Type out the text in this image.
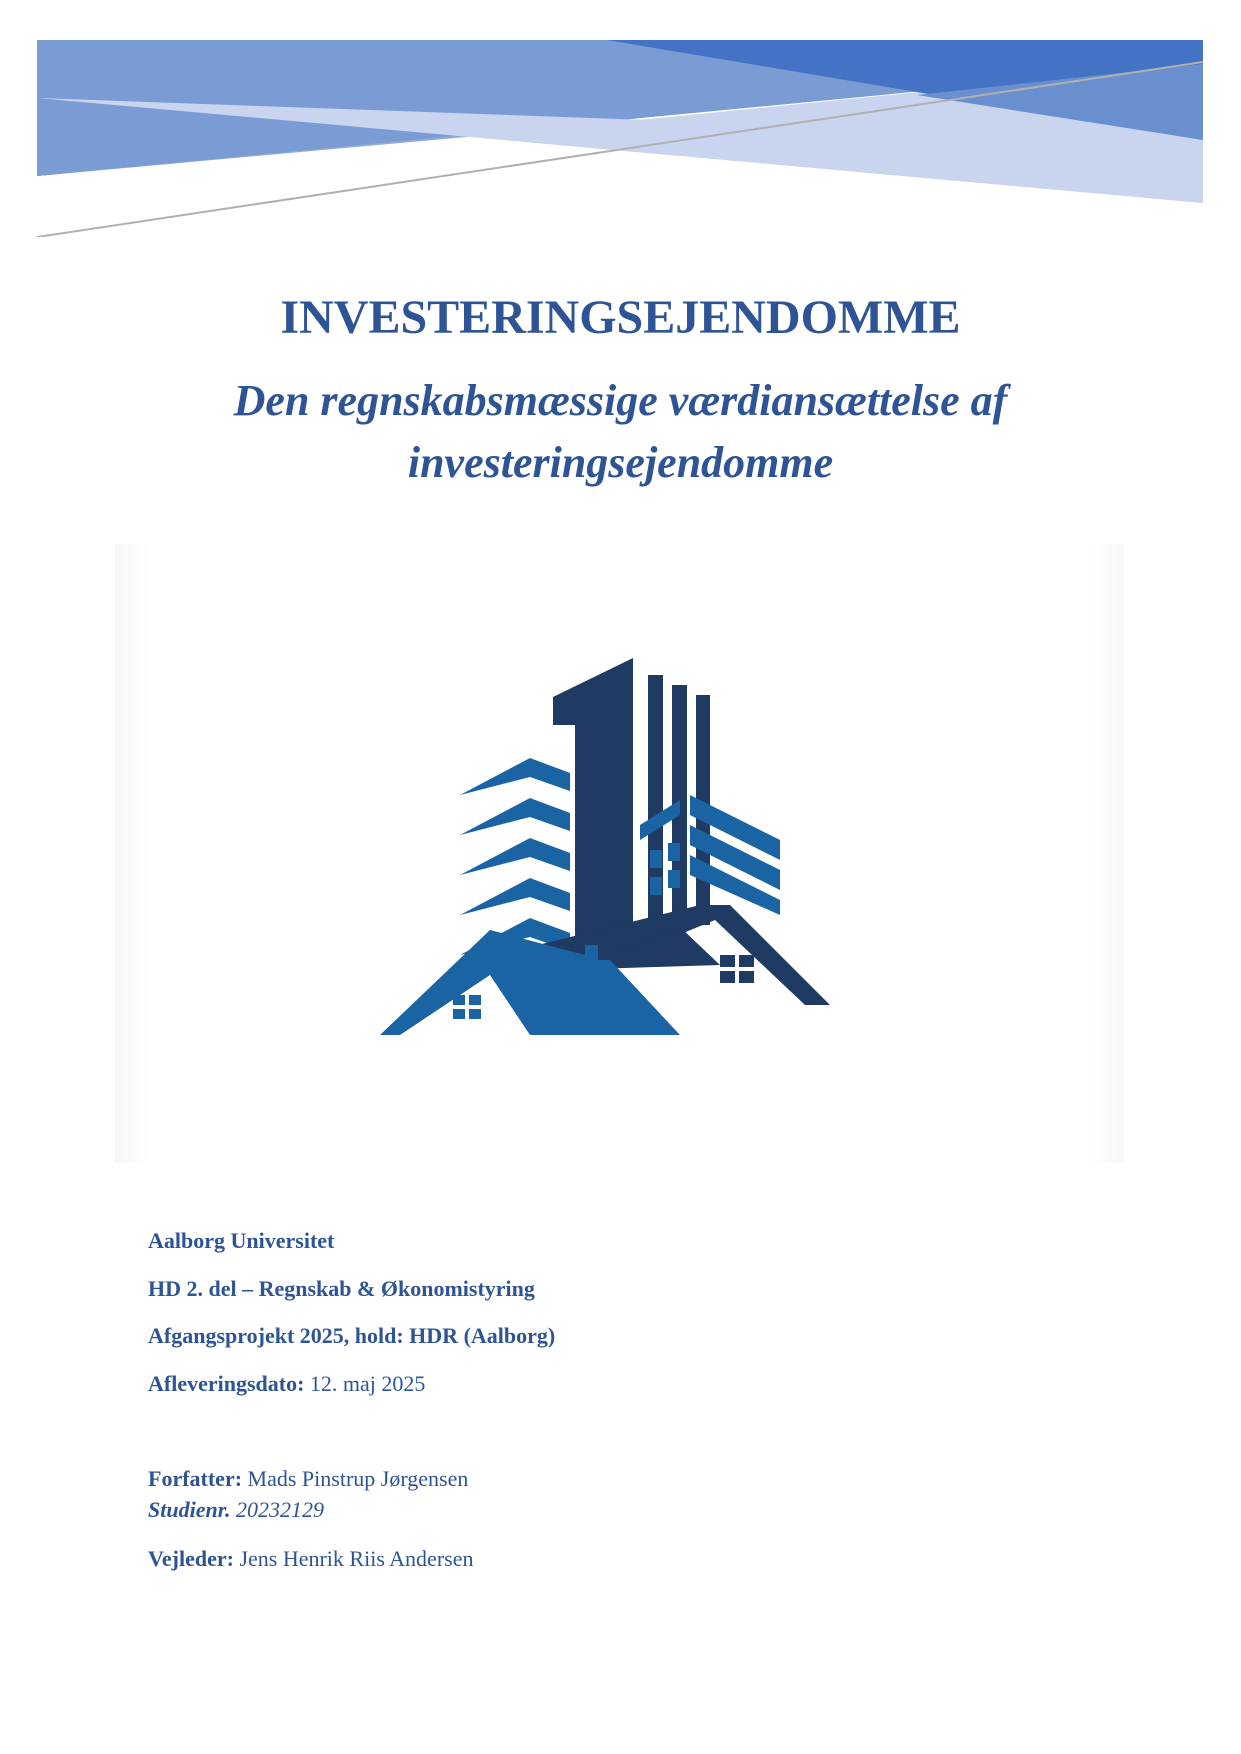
INVESTERINGSEJENDOMME
Den regnskabsmæssige værdiansættelse af investeringsejendomme
Aalborg Universitet
HD 2. del – Regnskab & Økonomistyring
Afgangsprojekt 2025, hold: HDR (Aalborg)
Afleveringsdato: 12. maj 2025
Forfatter: Mads Pinstrup Jørgensen
Studienr. 20232129
Vejleder: Jens Henrik Riis Andersen
